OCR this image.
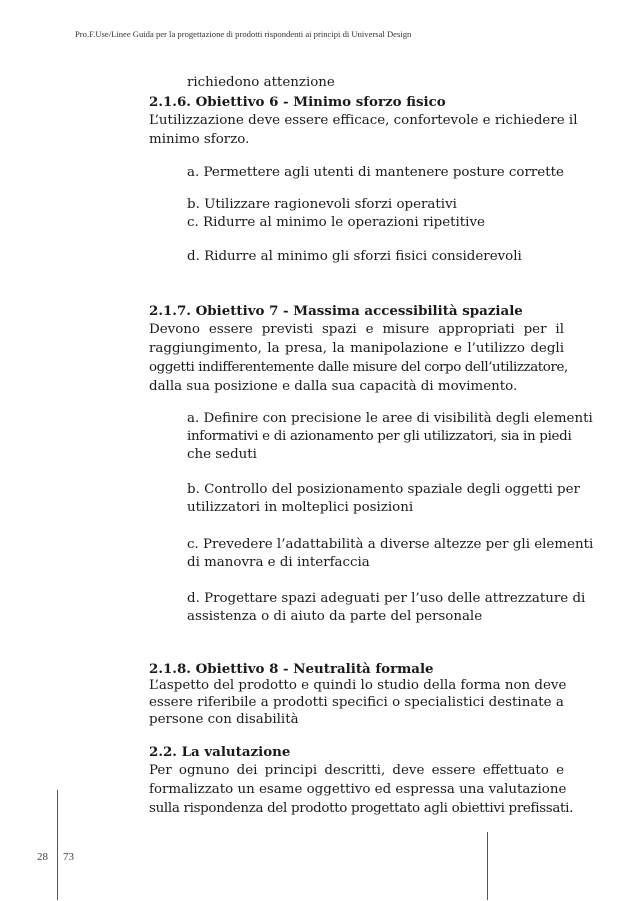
Pro.F.Use/Linee Guida per la progettazione di prodotti rispondenti ai principi di Universal Design
richiedono attenzione
2.1.6. Obiettivo 6 - Minimo sforzo fisico
L’utilizzazione deve essere efficace, confortevole e richiedere il
minimo sforzo.
a. Permettere agli utenti di mantenere posture corrette
b. Utilizzare ragionevoli sforzi operativi
c. Ridurre al minimo le operazioni ripetitive
d. Ridurre al minimo gli sforzi fisici considerevoli
2.1.7. Obiettivo 7 - Massima accessibilità spaziale
Devono essere previsti spazi e misure appropriati per il
raggiungimento, la presa, la manipolazione e l’utilizzo degli
oggetti indifferentemente dalle misure del corpo dell’utilizzatore,
dalla sua posizione e dalla sua capacità di movimento.
a. Definire con precisione le aree di visibilità degli elementi
informativi e di azionamento per gli utilizzatori, sia in piedi
che seduti
b. Controllo del posizionamento spaziale degli oggetti per
utilizzatori in molteplici posizioni
c. Prevedere l’adattabilità a diverse altezze per gli elementi
di manovra e di interfaccia
d. Progettare spazi adeguati per l’uso delle attrezzature di
assistenza o di aiuto da parte del personale
2.1.8. Obiettivo 8 - Neutralità formale
L’aspetto del prodotto e quindi lo studio della forma non deve
essere riferibile a prodotti specifici o specialistici destinate a
persone con disabilità
2.2. La valutazione
Per ognuno dei principi descritti, deve essere effettuato e
formalizzato un esame oggettivo ed espressa una valutazione
sulla rispondenza del prodotto progettato agli obiettivi prefissati.
28 73
